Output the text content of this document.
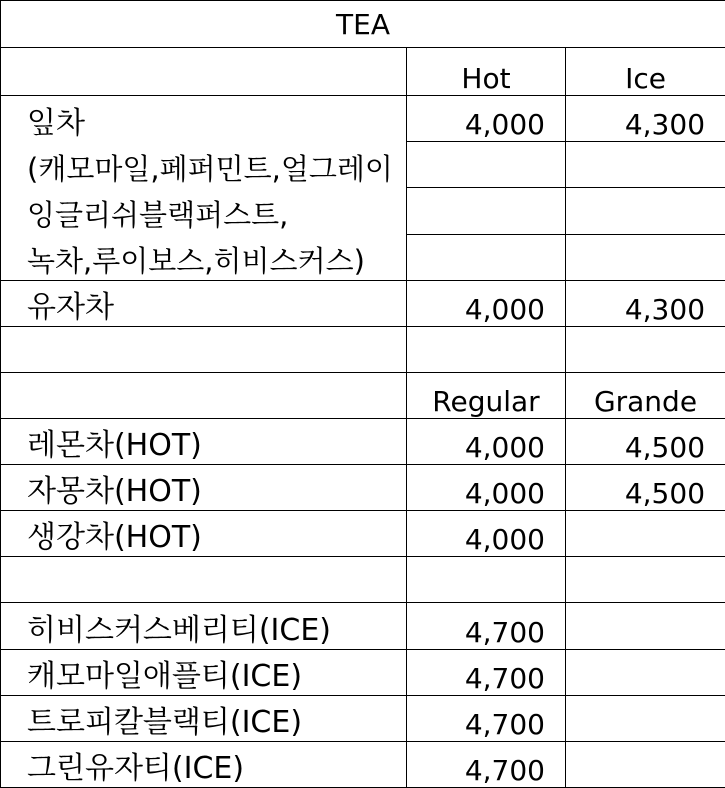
TEA		
	Hot	Ice
잎차	4,000	4,300
(캐모마일,페퍼민트,얼그레이		
잉글리쉬블랙퍼스트,		
녹차,루이보스,히비스커스)		
유자차	4,000	4,300

	Regular	Grande
레몬차(HOT)	4,000	4,500
자몽차(HOT)	4,000	4,500
생강차(HOT)	4,000	

히비스커스베리티(ICE)	4,700	
캐모마일애플티(ICE)	4,700	
트로피칼블랙티(ICE)	4,700	
그린유자티(ICE)	4,700	
